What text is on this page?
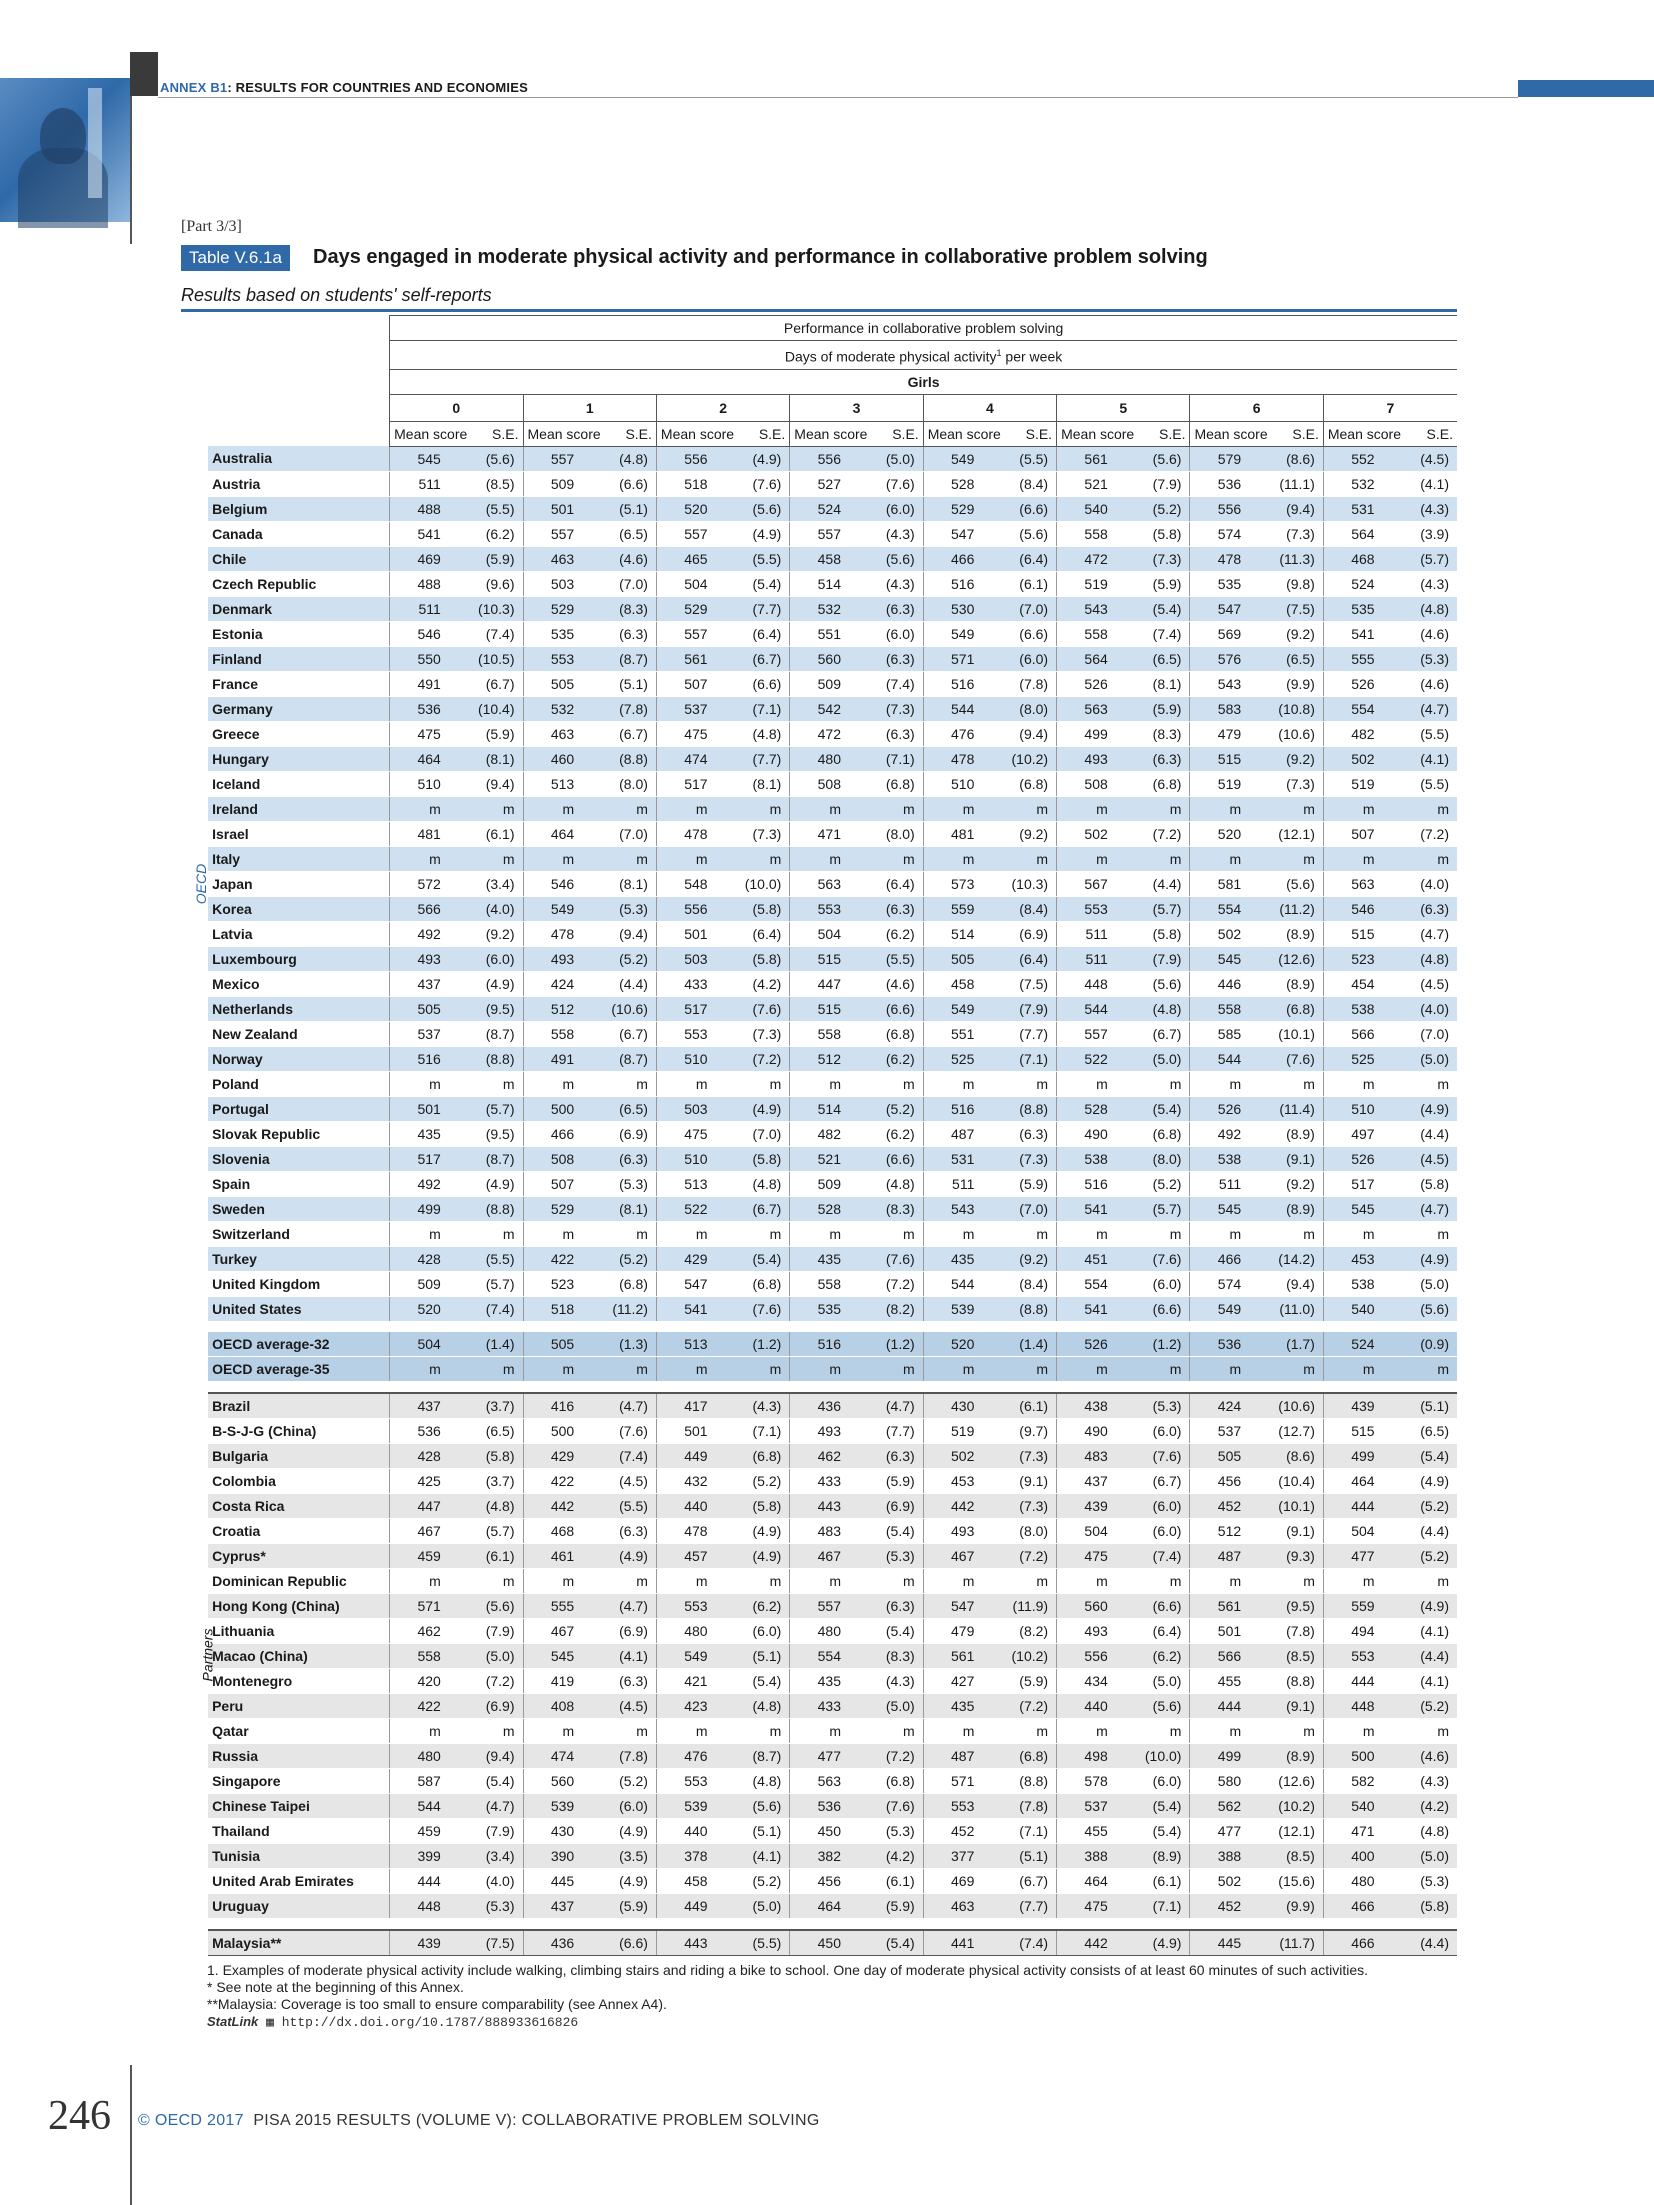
ANNEX B1: RESULTS FOR COUNTRIES AND ECONOMIES
[Part 3/3]
Table V.6.1a	Days engaged in moderate physical activity and performance in collaborative problem solving
Results based on students' self-reports
		Performance in collaborative problem solving															
		Days of moderate physical activity$^1$ per week															
		Girls															
		0		1		2		3		4		5		6		7	
		Mean score	S.E.	Mean score	S.E.	Mean score	S.E.	Mean score	S.E.	Mean score	S.E.	Mean score	S.E.	Mean score	S.E.	Mean score	S.E.
OECD	Australia	545	(5.6)	557	(4.8)	556	(4.9)	556	(5.0)	549	(5.5)	561	(5.6)	579	(8.6)	552	(4.5)
	Austria	511	(8.5)	509	(6.6)	518	(7.6)	527	(7.6)	528	(8.4)	521	(7.9)	536	(11.1)	532	(4.1)
	Belgium	488	(5.5)	501	(5.1)	520	(5.6)	524	(6.0)	529	(6.6)	540	(5.2)	556	(9.4)	531	(4.3)
	Canada	541	(6.2)	557	(6.5)	557	(4.9)	557	(4.3)	547	(5.6)	558	(5.8)	574	(7.3)	564	(3.9)
	Chile	469	(5.9)	463	(4.6)	465	(5.5)	458	(5.6)	466	(6.4)	472	(7.3)	478	(11.3)	468	(5.7)
	Czech Republic	488	(9.6)	503	(7.0)	504	(5.4)	514	(4.3)	516	(6.1)	519	(5.9)	535	(9.8)	524	(4.3)
	Denmark	511	(10.3)	529	(8.3)	529	(7.7)	532	(6.3)	530	(7.0)	543	(5.4)	547	(7.5)	535	(4.8)
	Estonia	546	(7.4)	535	(6.3)	557	(6.4)	551	(6.0)	549	(6.6)	558	(7.4)	569	(9.2)	541	(4.6)
	Finland	550	(10.5)	553	(8.7)	561	(6.7)	560	(6.3)	571	(6.0)	564	(6.5)	576	(6.5)	555	(5.3)
	France	491	(6.7)	505	(5.1)	507	(6.6)	509	(7.4)	516	(7.8)	526	(8.1)	543	(9.9)	526	(4.6)
	Germany	536	(10.4)	532	(7.8)	537	(7.1)	542	(7.3)	544	(8.0)	563	(5.9)	583	(10.8)	554	(4.7)
	Greece	475	(5.9)	463	(6.7)	475	(4.8)	472	(6.3)	476	(9.4)	499	(8.3)	479	(10.6)	482	(5.5)
	Hungary	464	(8.1)	460	(8.8)	474	(7.7)	480	(7.1)	478	(10.2)	493	(6.3)	515	(9.2)	502	(4.1)
	Iceland	510	(9.4)	513	(8.0)	517	(8.1)	508	(6.8)	510	(6.8)	508	(6.8)	519	(7.3)	519	(5.5)
	Ireland	m	m	m	m	m	m	m	m	m	m	m	m	m	m	m	m
	Israel	481	(6.1)	464	(7.0)	478	(7.3)	471	(8.0)	481	(9.2)	502	(7.2)	520	(12.1)	507	(7.2)
	Italy	m	m	m	m	m	m	m	m	m	m	m	m	m	m	m	m
	Japan	572	(3.4)	546	(8.1)	548	(10.0)	563	(6.4)	573	(10.3)	567	(4.4)	581	(5.6)	563	(4.0)
	Korea	566	(4.0)	549	(5.3)	556	(5.8)	553	(6.3)	559	(8.4)	553	(5.7)	554	(11.2)	546	(6.3)
	Latvia	492	(9.2)	478	(9.4)	501	(6.4)	504	(6.2)	514	(6.9)	511	(5.8)	502	(8.9)	515	(4.7)
	Luxembourg	493	(6.0)	493	(5.2)	503	(5.8)	515	(5.5)	505	(6.4)	511	(7.9)	545	(12.6)	523	(4.8)
	Mexico	437	(4.9)	424	(4.4)	433	(4.2)	447	(4.6)	458	(7.5)	448	(5.6)	446	(8.9)	454	(4.5)
	Netherlands	505	(9.5)	512	(10.6)	517	(7.6)	515	(6.6)	549	(7.9)	544	(4.8)	558	(6.8)	538	(4.0)
	New Zealand	537	(8.7)	558	(6.7)	553	(7.3)	558	(6.8)	551	(7.7)	557	(6.7)	585	(10.1)	566	(7.0)
	Norway	516	(8.8)	491	(8.7)	510	(7.2)	512	(6.2)	525	(7.1)	522	(5.0)	544	(7.6)	525	(5.0)
	Poland	m	m	m	m	m	m	m	m	m	m	m	m	m	m	m	m
	Portugal	501	(5.7)	500	(6.5)	503	(4.9)	514	(5.2)	516	(8.8)	528	(5.4)	526	(11.4)	510	(4.9)
	Slovak Republic	435	(9.5)	466	(6.9)	475	(7.0)	482	(6.2)	487	(6.3)	490	(6.8)	492	(8.9)	497	(4.4)
	Slovenia	517	(8.7)	508	(6.3)	510	(5.8)	521	(6.6)	531	(7.3)	538	(8.0)	538	(9.1)	526	(4.5)
	Spain	492	(4.9)	507	(5.3)	513	(4.8)	509	(4.8)	511	(5.9)	516	(5.2)	511	(9.2)	517	(5.8)
	Sweden	499	(8.8)	529	(8.1)	522	(6.7)	528	(8.3)	543	(7.0)	541	(5.7)	545	(8.9)	545	(4.7)
	Switzerland	m	m	m	m	m	m	m	m	m	m	m	m	m	m	m	m
	Turkey	428	(5.5)	422	(5.2)	429	(5.4)	435	(7.6)	435	(9.2)	451	(7.6)	466	(14.2)	453	(4.9)
	United Kingdom	509	(5.7)	523	(6.8)	547	(6.8)	558	(7.2)	544	(8.4)	554	(6.0)	574	(9.4)	538	(5.0)
	United States	520	(7.4)	518	(11.2)	541	(7.6)	535	(8.2)	539	(8.8)	541	(6.6)	549	(11.0)	540	(5.6)

	OECD average-32	504	(1.4)	505	(1.3)	513	(1.2)	516	(1.2)	520	(1.4)	526	(1.2)	536	(1.7)	524	(0.9)
	OECD average-35	m	m	m	m	m	m	m	m	m	m	m	m	m	m	m	m

Partners	Brazil	437	(3.7)	416	(4.7)	417	(4.3)	436	(4.7)	430	(6.1)	438	(5.3)	424	(10.6)	439	(5.1)
	B-S-J-G (China)	536	(6.5)	500	(7.6)	501	(7.1)	493	(7.7)	519	(9.7)	490	(6.0)	537	(12.7)	515	(6.5)
	Bulgaria	428	(5.8)	429	(7.4)	449	(6.8)	462	(6.3)	502	(7.3)	483	(7.6)	505	(8.6)	499	(5.4)
	Colombia	425	(3.7)	422	(4.5)	432	(5.2)	433	(5.9)	453	(9.1)	437	(6.7)	456	(10.4)	464	(4.9)
	Costa Rica	447	(4.8)	442	(5.5)	440	(5.8)	443	(6.9)	442	(7.3)	439	(6.0)	452	(10.1)	444	(5.2)
	Croatia	467	(5.7)	468	(6.3)	478	(4.9)	483	(5.4)	493	(8.0)	504	(6.0)	512	(9.1)	504	(4.4)
	Cyprus*	459	(6.1)	461	(4.9)	457	(4.9)	467	(5.3)	467	(7.2)	475	(7.4)	487	(9.3)	477	(5.2)
	Dominican Republic	m	m	m	m	m	m	m	m	m	m	m	m	m	m	m	m
	Hong Kong (China)	571	(5.6)	555	(4.7)	553	(6.2)	557	(6.3)	547	(11.9)	560	(6.6)	561	(9.5)	559	(4.9)
	Lithuania	462	(7.9)	467	(6.9)	480	(6.0)	480	(5.4)	479	(8.2)	493	(6.4)	501	(7.8)	494	(4.1)
	Macao (China)	558	(5.0)	545	(4.1)	549	(5.1)	554	(8.3)	561	(10.2)	556	(6.2)	566	(8.5)	553	(4.4)
	Montenegro	420	(7.2)	419	(6.3)	421	(5.4)	435	(4.3)	427	(5.9)	434	(5.0)	455	(8.8)	444	(4.1)
	Peru	422	(6.9)	408	(4.5)	423	(4.8)	433	(5.0)	435	(7.2)	440	(5.6)	444	(9.1)	448	(5.2)
	Qatar	m	m	m	m	m	m	m	m	m	m	m	m	m	m	m	m
	Russia	480	(9.4)	474	(7.8)	476	(8.7)	477	(7.2)	487	(6.8)	498	(10.0)	499	(8.9)	500	(4.6)
	Singapore	587	(5.4)	560	(5.2)	553	(4.8)	563	(6.8)	571	(8.8)	578	(6.0)	580	(12.6)	582	(4.3)
	Chinese Taipei	544	(4.7)	539	(6.0)	539	(5.6)	536	(7.6)	553	(7.8)	537	(5.4)	562	(10.2)	540	(4.2)
	Thailand	459	(7.9)	430	(4.9)	440	(5.1)	450	(5.3)	452	(7.1)	455	(5.4)	477	(12.1)	471	(4.8)
	Tunisia	399	(3.4)	390	(3.5)	378	(4.1)	382	(4.2)	377	(5.1)	388	(8.9)	388	(8.5)	400	(5.0)
	United Arab Emirates	444	(4.0)	445	(4.9)	458	(5.2)	456	(6.1)	469	(6.7)	464	(6.1)	502	(15.6)	480	(5.3)
	Uruguay	448	(5.3)	437	(5.9)	449	(5.0)	464	(5.9)	463	(7.7)	475	(7.1)	452	(9.9)	466	(5.8)

	Malaysia**	439	(7.5)	436	(6.6)	443	(5.5)	450	(5.4)	441	(7.4)	442	(4.9)	445	(11.7)	466	(4.4)
1. Examples of moderate physical activity include walking, climbing stairs and riding a bike to school. One day of moderate physical activity consists of at least 60 minutes of such activities.
* See note at the beginning of this Annex.
**Malaysia: Coverage is too small to ensure comparability (see Annex A4).
StatLink ▦ http://dx.doi.org/10.1787/888933616826
246 © OECD 2017 PISA 2015 RESULTS (VOLUME V): COLLABORATIVE PROBLEM SOLVING
